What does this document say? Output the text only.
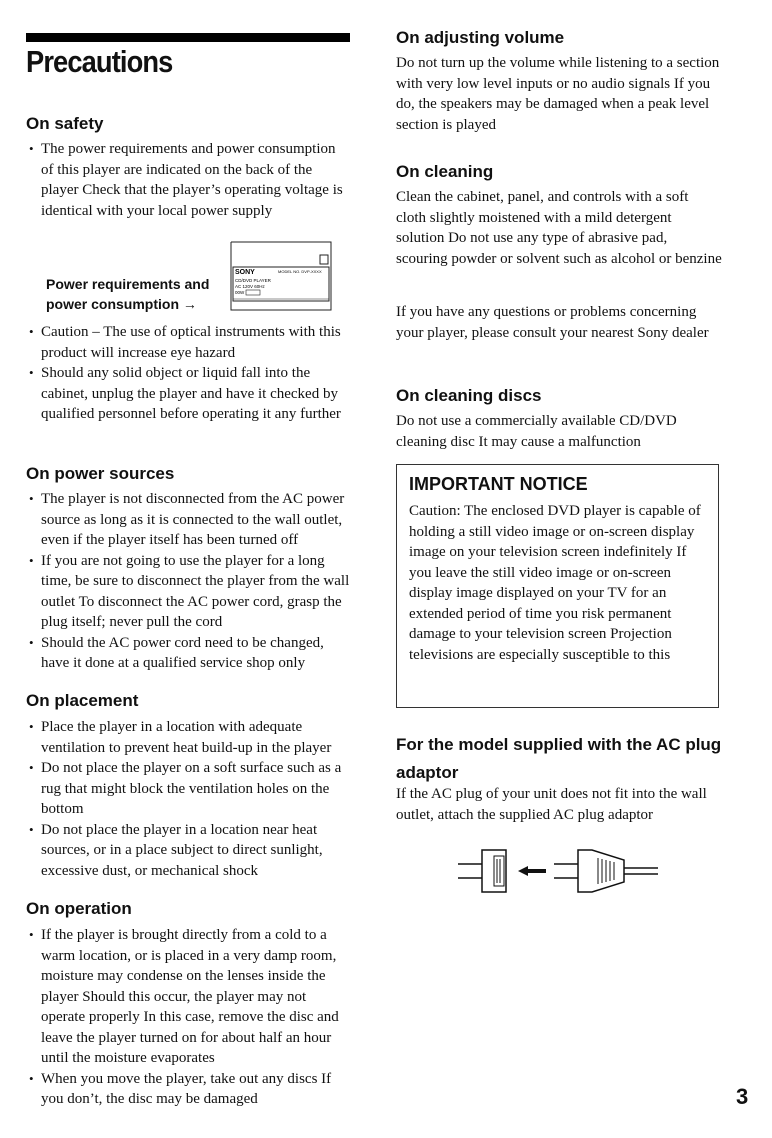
Precautions
On safety
• The power requirements and power consumption of this player are indicated on the back of the player Check that the player’s operating voltage is identical with your local power supply
Power requirements and power consumption →
SONY	MODEL NO. DVP-XXXX
CD/DVD PLAYER
AC 120V 60Hz
00W
• Caution – The use of optical instruments with this product will increase eye hazard
• Should any solid object or liquid fall into the cabinet, unplug the player and have it checked by qualified personnel before operating it any further
On power sources
• The player is not disconnected from the AC power source as long as it is connected to the wall outlet, even if the player itself has been turned off
• If you are not going to use the player for a long time, be sure to disconnect the player from the wall outlet To disconnect the AC power cord, grasp the plug itself; never pull the cord
• Should the AC power cord need to be changed, have it done at a qualified service shop only
On placement
• Place the player in a location with adequate ventilation to prevent heat build-up in the player
• Do not place the player on a soft surface such as a rug that might block the ventilation holes on the bottom
• Do not place the player in a location near heat sources, or in a place subject to direct sunlight, excessive dust, or mechanical shock
On operation
• If the player is brought directly from a cold to a warm location, or is placed in a very damp room, moisture may condense on the lenses inside the player Should this occur, the player may not operate properly In this case, remove the disc and leave the player turned on for about half an hour until the moisture evaporates
• When you move the player, take out any discs If you don’t, the disc may be damaged
On adjusting volume

Do not turn up the volume while listening to a section with very low level inputs or no audio signals If you do, the speakers may be damaged when a peak level section is played

On cleaning

Clean the cabinet, panel, and controls with a soft cloth slightly moistened with a mild detergent solution Do not use any type of abrasive pad, scouring powder or solvent such as alcohol or benzine

If you have any questions or problems concerning your player, please consult your nearest Sony dealer

On cleaning discs

Do not use a commercially available CD/DVD cleaning disc It may cause a malfunction

IMPORTANT NOTICE

Caution: The enclosed DVD player is capable of holding a still video image or on-screen display image on your television screen indefinitely If you leave the still video image or on-screen display image displayed on your TV for an extended period of time you risk permanent damage to your television screen Projection televisions are especially susceptible to this

For the model supplied with the AC plug adaptor

If the AC plug of your unit does not fit into the wall outlet, attach the supplied AC plug adaptor

3
